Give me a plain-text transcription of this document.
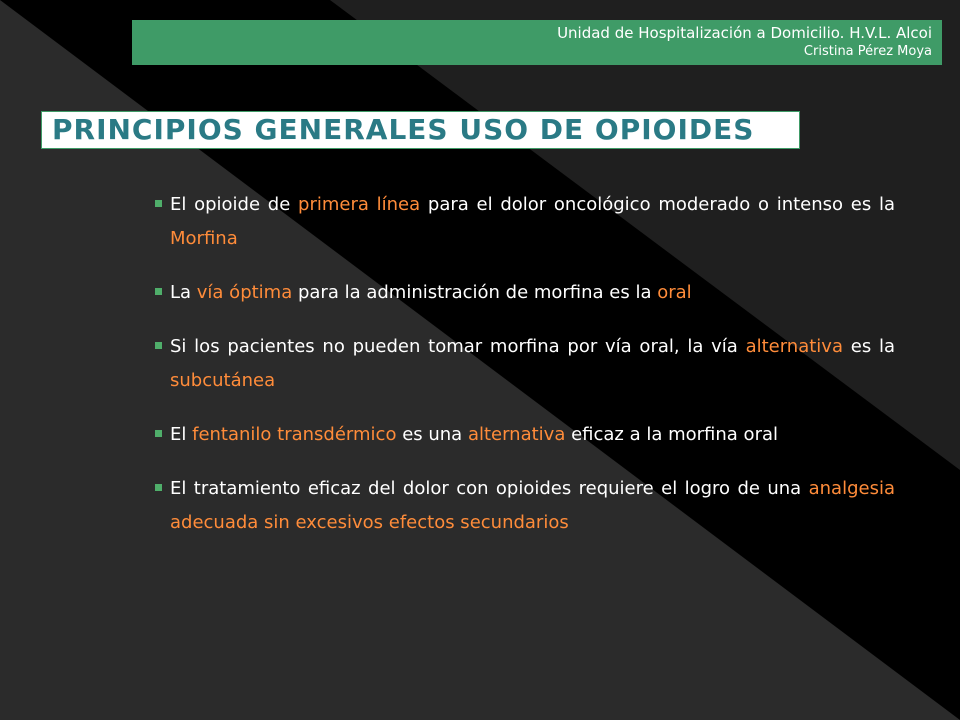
Unidad de Hospitalización a Domicilio. H.V.L. Alcoi
Cristina Pérez Moya
PRINCIPIOS GENERALES USO DE OPIOIDES
El opioide de primera línea para el dolor oncológico moderado o intenso es la Morfina
La vía óptima para la administración de morfina es la oral
Si los pacientes no pueden tomar morfina por vía oral, la vía alternativa es la subcutánea
El fentanilo transdérmico es una alternativa eficaz a la morfina oral
El tratamiento eficaz del dolor con opioides requiere el logro de una analgesia adecuada sin excesivos efectos secundarios
